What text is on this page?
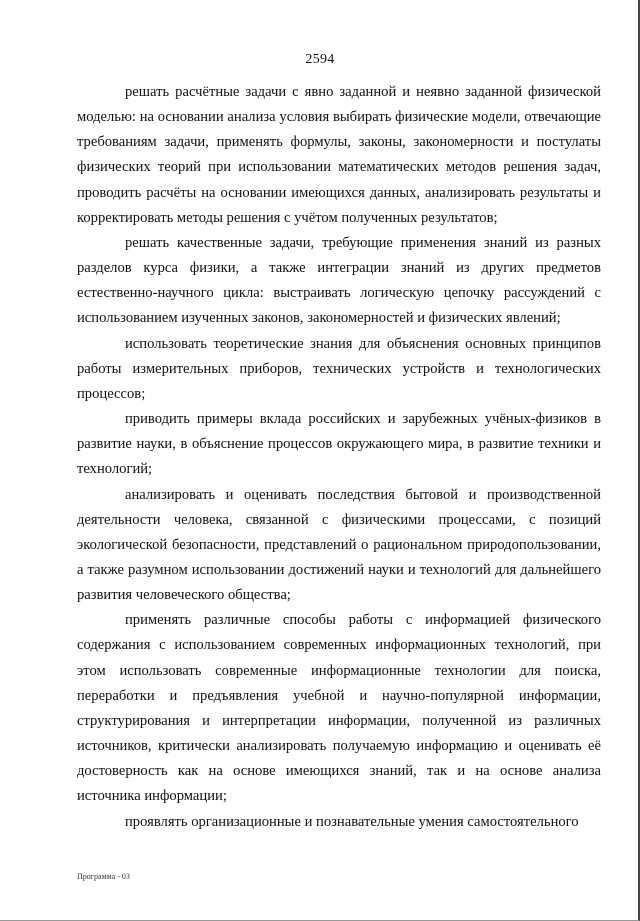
2594

решать расчётные задачи с явно заданной и неявно заданной физической моделью: на основании анализа условия выбирать физические модели, отвечающие требованиям задачи, применять формулы, законы, закономерности и постулаты физических теорий при использовании математических методов решения задач, проводить расчёты на основании имеющихся данных, анализировать результаты и корректировать методы решения с учётом полученных результатов;

решать качественные задачи, требующие применения знаний из разных разделов курса физики, а также интеграции знаний из других предметов естественно-научного цикла: выстраивать логическую цепочку рассуждений с использованием изученных законов, закономерностей и физических явлений;

использовать теоретические знания для объяснения основных принципов работы измерительных приборов, технических устройств и технологических процессов;

приводить примеры вклада российских и зарубежных учёных-физиков в развитие науки, в объяснение процессов окружающего мира, в развитие техники и технологий;

анализировать и оценивать последствия бытовой и производственной деятельности человека, связанной с физическими процессами, с позиций экологической безопасности, представлений о рациональном природопользовании, а также разумном использовании достижений науки и технологий для дальнейшего развития человеческого общества;

применять различные способы работы с информацией физического содержания с использованием современных информационных технологий, при этом использовать современные информационные технологии для поиска, переработки и предъявления учебной и научно-популярной информации, структурирования и интерпретации информации, полученной из различных источников, критически анализировать получаемую информацию и оценивать её достоверность как на основе имеющихся знаний, так и на основе анализа источника информации;

проявлять организационные и познавательные умения самостоятельного

Программа - 03
